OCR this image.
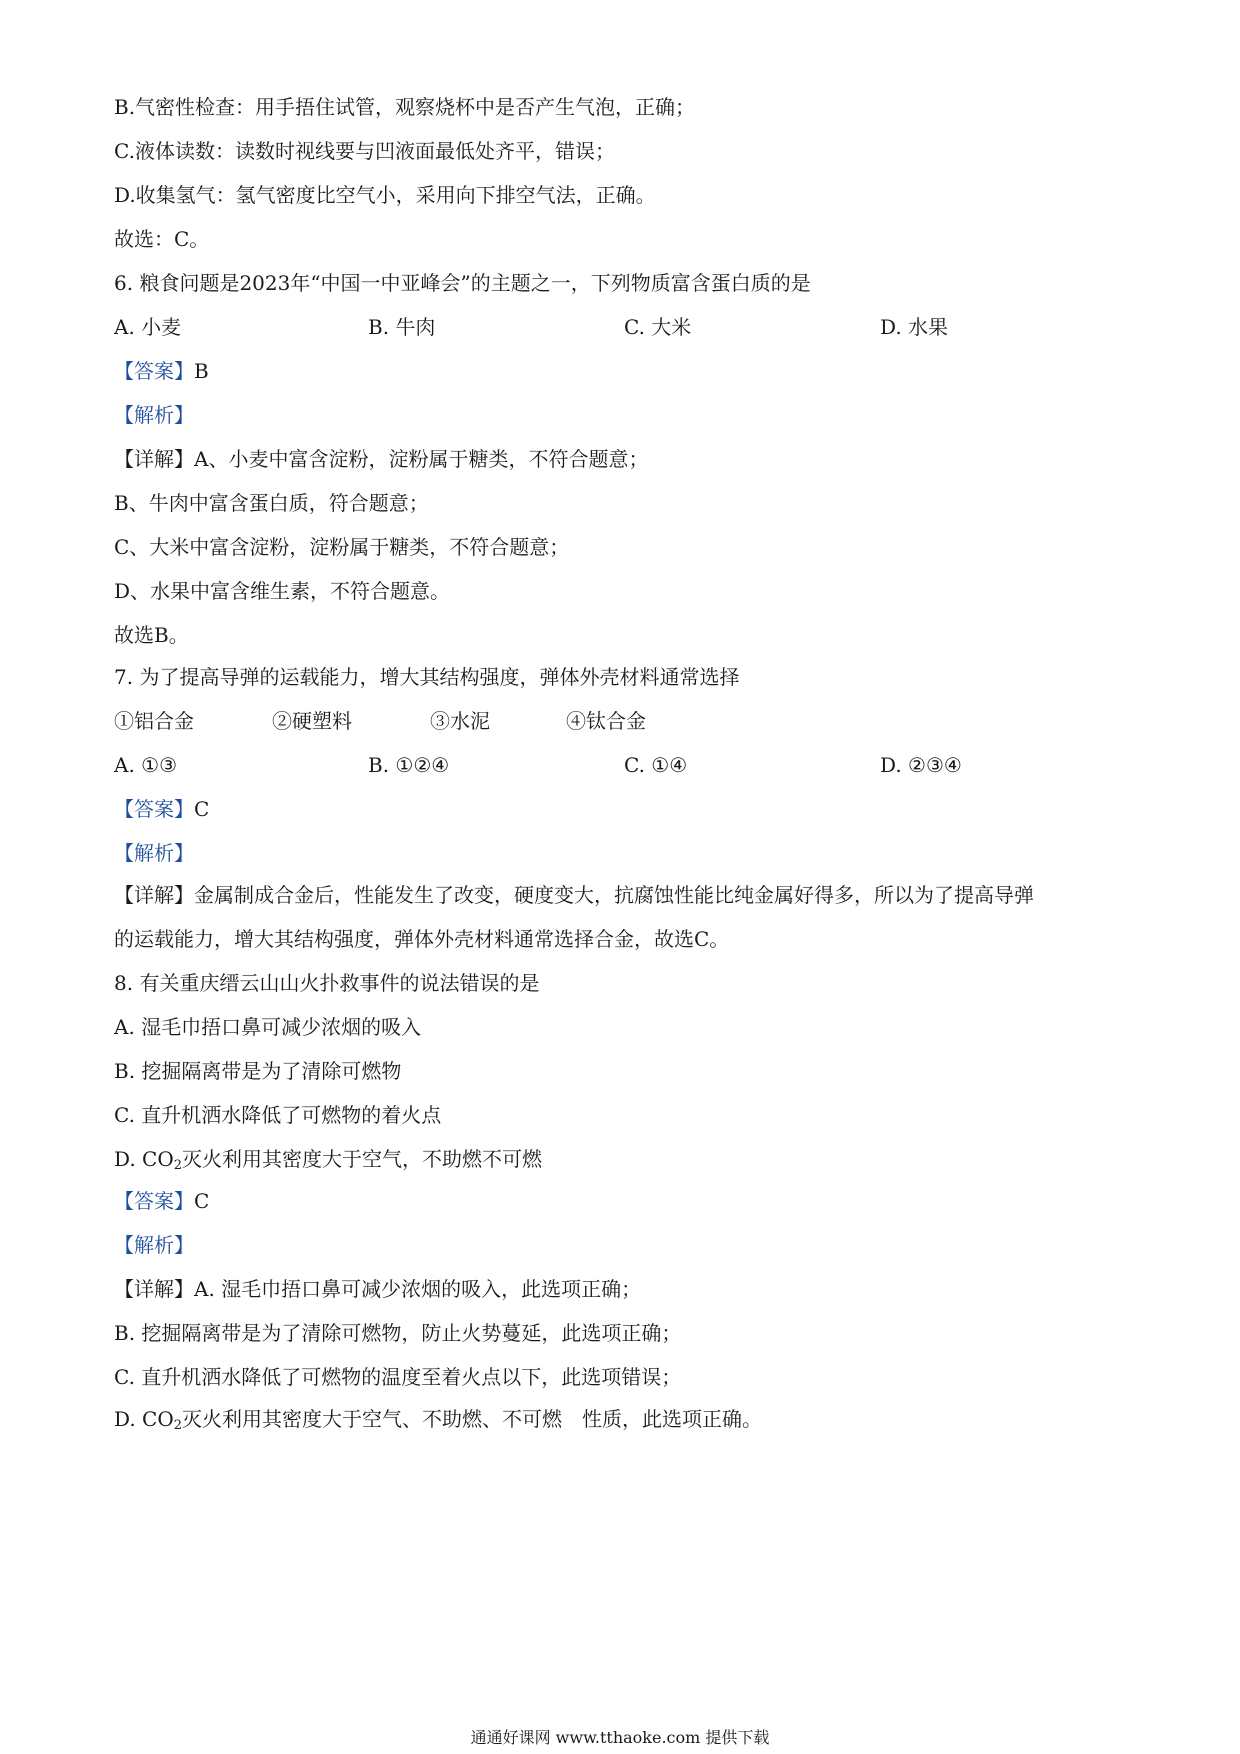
B.气密性检查：用手捂住试管，观察烧杯中是否产生气泡，正确；
C.液体读数：读数时视线要与凹液面最低处齐平，错误；
D.收集氢气：氢气密度比空气小，采用向下排空气法，正确。
故选：C。
6. 粮食问题是2023年“中国一中亚峰会”的主题之一，下列物质富含蛋白质的是
A. 小麦	B. 牛肉	C. 大米	D. 水果
【答案】B
【解析】
【详解】A、小麦中富含淀粉，淀粉属于糖类，不符合题意；
B、牛肉中富含蛋白质，符合题意；
C、大米中富含淀粉，淀粉属于糖类，不符合题意；
D、水果中富含维生素，不符合题意。
故选B。
7. 为了提高导弹的运载能力，增大其结构强度，弹体外壳材料通常选择
①铝合金	②硬塑料	③水泥	④钛合金
A. ①③	B. ①②④	C. ①④	D. ②③④
【答案】C
【解析】
【详解】金属制成合金后，性能发生了改变，硬度变大，抗腐蚀性能比纯金属好得多，所以为了提高导弹
的运载能力，增大其结构强度，弹体外壳材料通常选择合金，故选C。
8. 有关重庆缙云山山火扑救事件的说法错误的是
A. 湿毛巾捂口鼻可减少浓烟的吸入
B. 挖掘隔离带是为了清除可燃物
C. 直升机洒水降低了可燃物的着火点
D. $CO_2$灭火利用其密度大于空气，不助燃不可燃
【答案】C
【解析】
【详解】A. 湿毛巾捂口鼻可减少浓烟的吸入，此选项正确；
B. 挖掘隔离带是为了清除可燃物，防止火势蔓延，此选项正确；
C. 直升机洒水降低了可燃物的温度至着火点以下，此选项错误；
D. $CO_2$灭火利用其密度大于空气、不助燃、不可燃　性质，此选项正确。
通通好课网 www.tthaoke.com 提供下载
